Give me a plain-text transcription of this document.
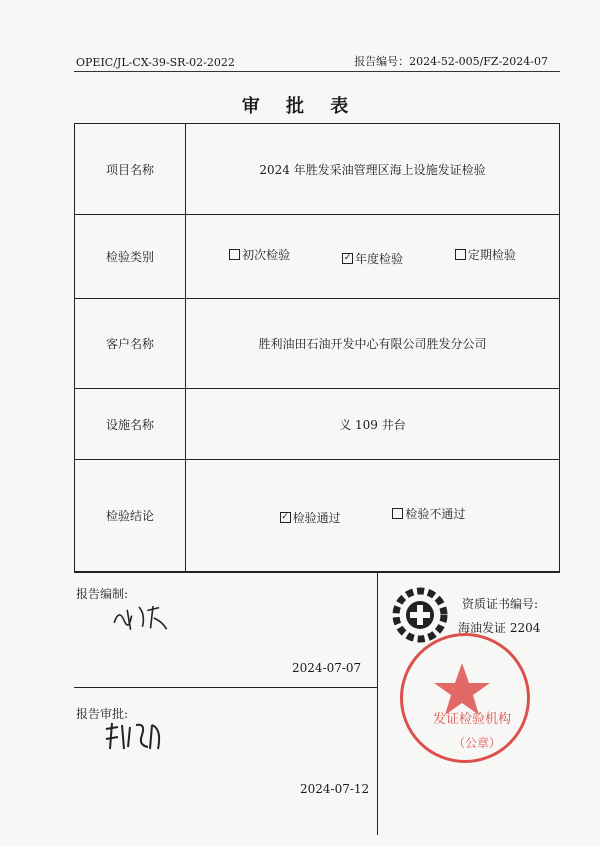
OPEIC/JL-CX-39-SR-02-2022	报告编号：2024-52-005/FZ-2024-07
审 批 表
项目名称	2024 年胜发采油管理区海上设施发证检验
检验类别	初次检验
✓ 年度检验
定期检验

客户名称	胜利油田石油开发中心有限公司胜发分公司
设施名称	义 109 井台
检验结论	✓ 检验通过
检验不通过
报告编制:
2024-07-07
报告审批:
2024-07-12
资质证书编号:
海油发证 2204
发证检验机构
（公章）
